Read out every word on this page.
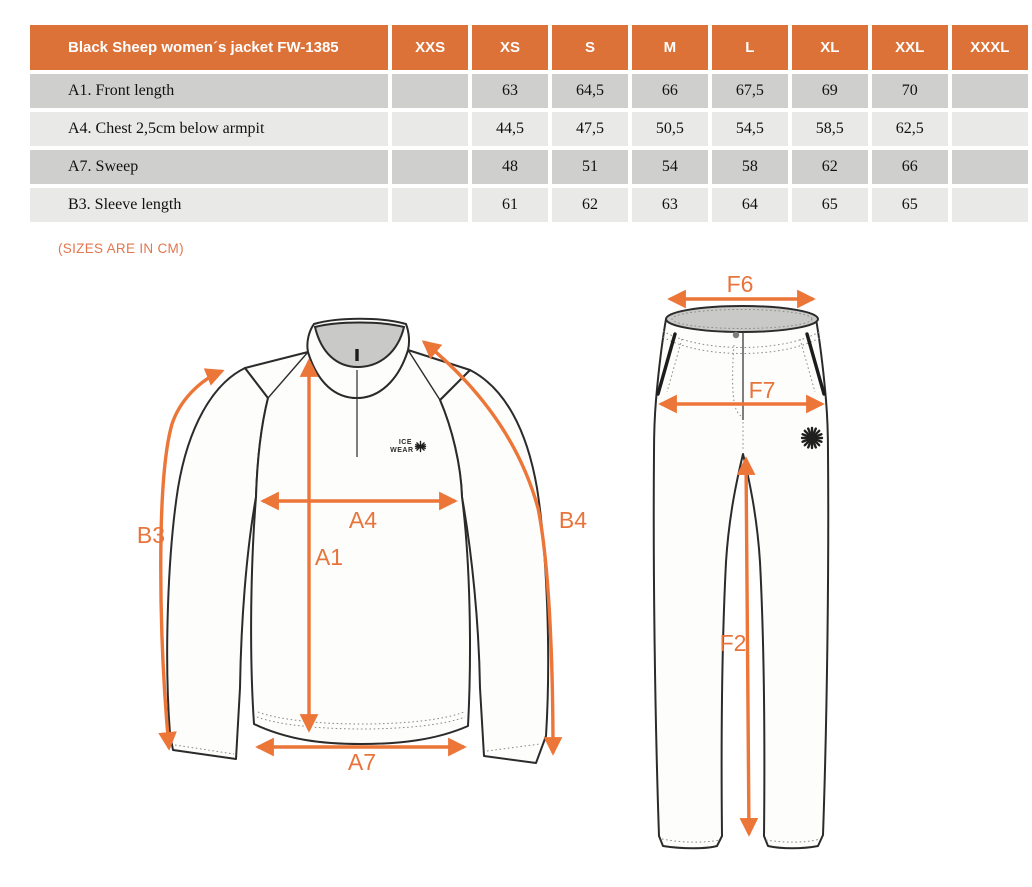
Black Sheep women´s jacket FW-1385	XXS	XS	S	M	L	XL	XXL	XXXL
A1. Front length		63	64,5	66	67,5	69	70	
A4. Chest 2,5cm below armpit		44,5	47,5	50,5	54,5	58,5	62,5	
A7. Sweep		48	51	54	58	62	66	
B3. Sleeve length		61	62	63	64	65	65	
(SIZES ARE IN CM)
ICE
WEAR
B3
A4
A1
B4
A7
F6
F7
F2
